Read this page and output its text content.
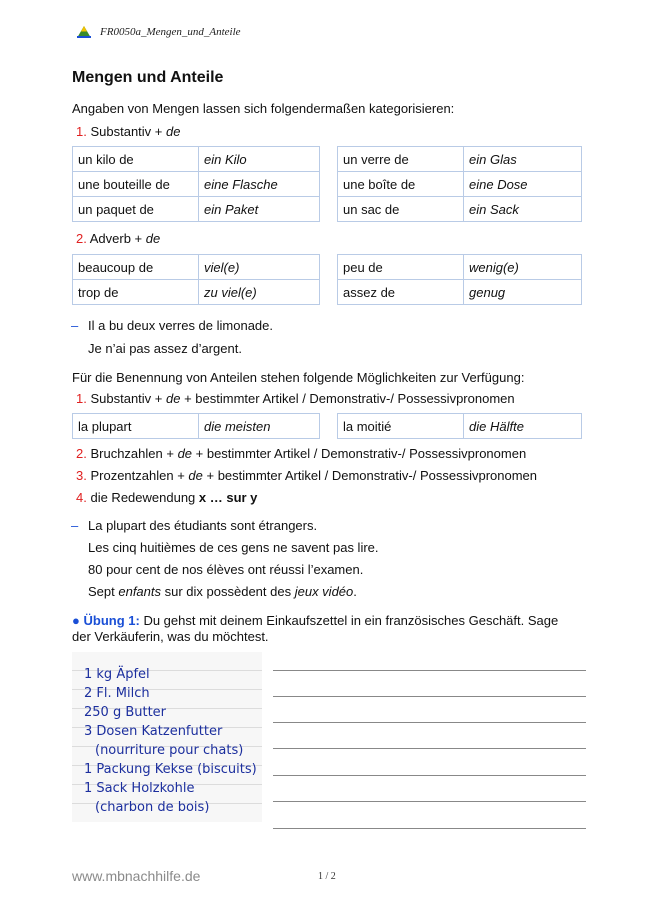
FR0050a_Mengen_und_Anteile
Mengen und Anteile
Angaben von Mengen lassen sich folgendermaßen kategorisieren:
1. Substantiv + de
un kilo de	ein Kilo
une bouteille de	eine Flasche
un paquet de	ein Paket
un verre de	ein Glas
une boîte de	eine Dose
un sac de	ein Sack
2. Adverb + de
beaucoup de	viel(e)
trop de	zu viel(e)
peu de	wenig(e)
assez de	genug
– Il a bu deux verres de limonade.
Je n’ai pas assez d’argent.
Für die Benennung von Anteilen stehen folgende Möglichkeiten zur Verfügung:
1. Substantiv + de + bestimmter Artikel / Demonstrativ-/ Possessivpronomen
la plupart	die meisten	la moitié	die Hälfte
2. Bruchzahlen + de + bestimmter Artikel / Demonstrativ-/ Possessivpronomen
3. Prozentzahlen + de + bestimmter Artikel / Demonstrativ-/ Possessivpronomen
4. die Redewendung x … sur y
– La plupart des étudiants sont étrangers.
Les cinq huitièmes de ces gens ne savent pas lire.
80 pour cent de nos élèves ont réussi l’examen.
Sept enfants sur dix possèdent des jeux vidéo.
● Übung 1: Du gehst mit deinem Einkaufszettel in ein französisches Geschäft. Sage
der Verkäuferin, was du möchtest.
1 kg Äpfel
2 Fl. Milch
250 g Butter
3 Dosen Katzenfutter
(nourriture pour chats)
1 Packung Kekse (biscuits)
1 Sack Holzkohle
(charbon de bois)
www.mbnachhilfe.de	1 / 2
